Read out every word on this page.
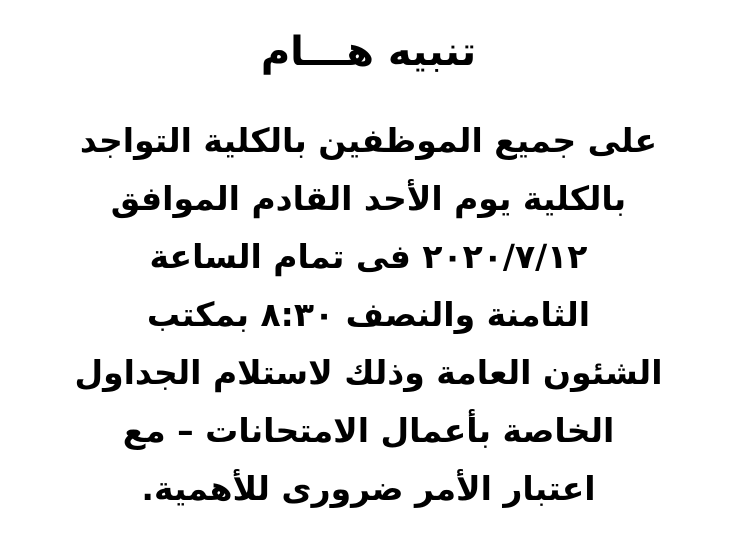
تنبيه هـــام
على جميع الموظفين بالكلية التواجد
بالكلية يوم الأحد القادم الموافق
٢٠٢٠/٧/١٢ فى تمام الساعة
الثامنة والنصف ٨:٣٠ بمكتب
الشئون العامة وذلك لاستلام الجداول
الخاصة بأعمال الامتحانات – مع
اعتبار الأمر ضرورى للأهمية.
